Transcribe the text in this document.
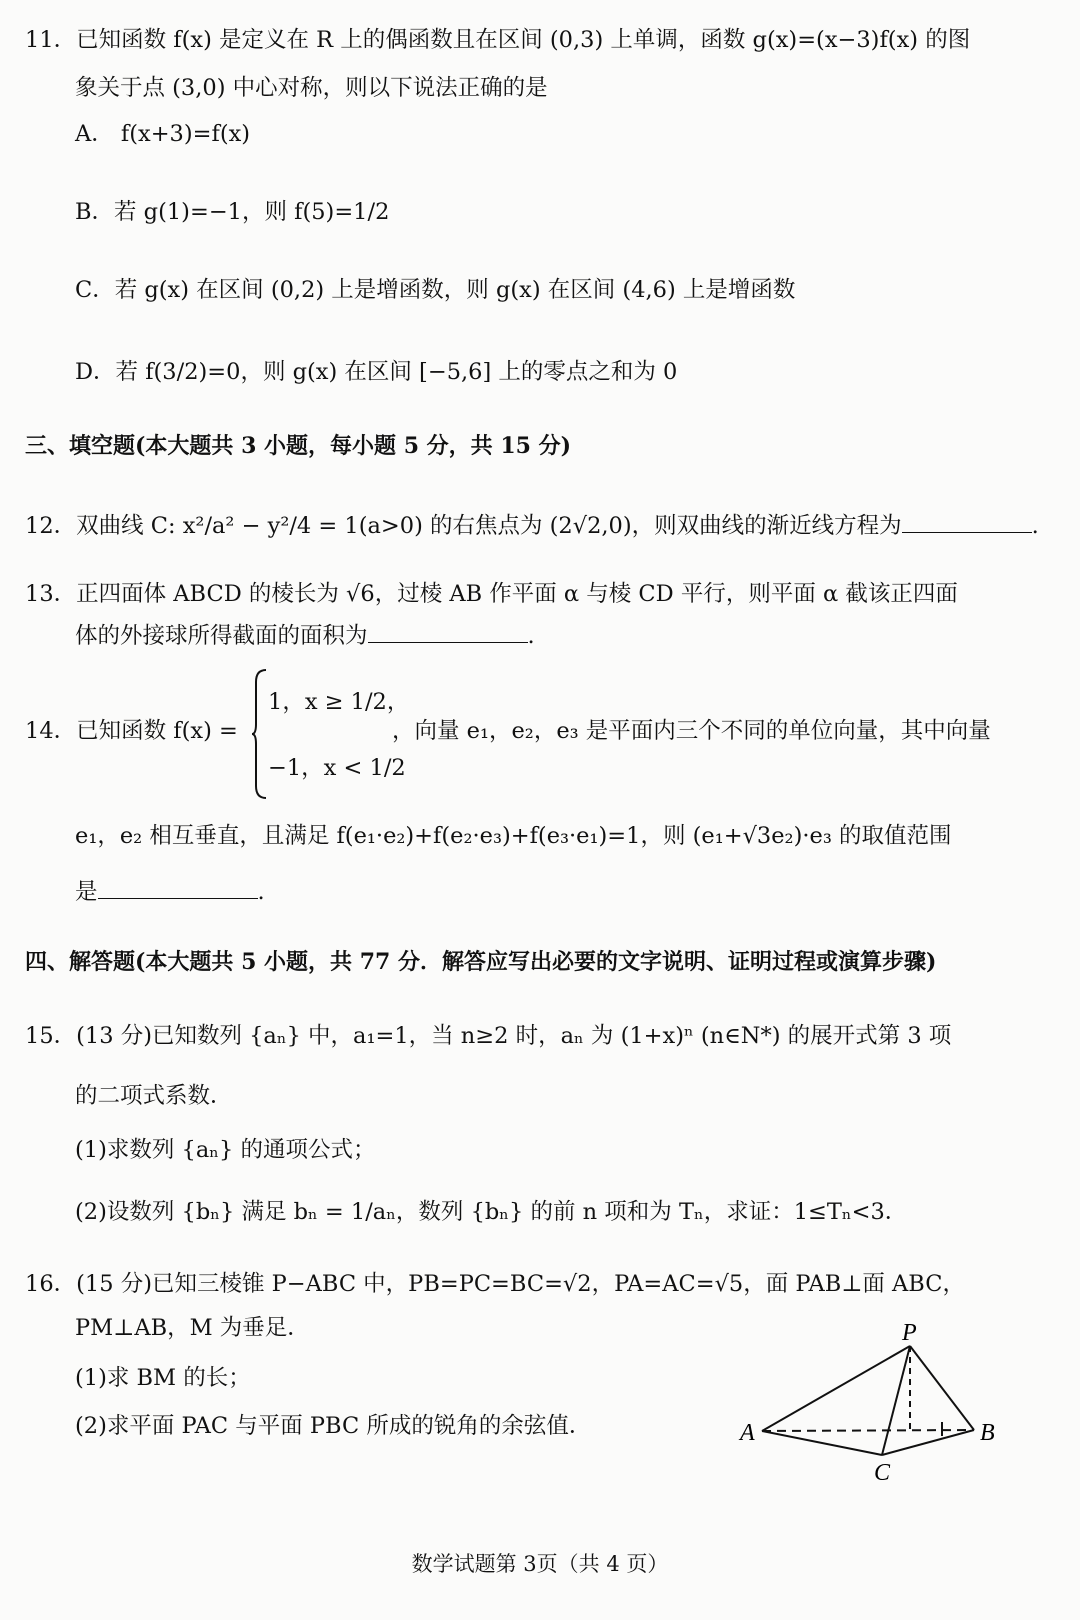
11．已知函数 f(x) 是定义在 R 上的偶函数且在区间 (0,3) 上单调，函数 g(x)=(x−3)f(x) 的图
象关于点 (3,0) 中心对称，则以下说法正确的是
A． f(x+3)=f(x)
B．若 g(1)=−1，则 f(5)=1/2
C．若 g(x) 在区间 (0,2) 上是增函数，则 g(x) 在区间 (4,6) 上是增函数
D．若 f(3/2)=0，则 g(x) 在区间 [−5,6] 上的零点之和为 0
三、填空题(本大题共 3 小题，每小题 5 分，共 15 分)
12．双曲线 C: x²/a² − y²/4 = 1(a>0) 的右焦点为 (2√2,0)，则双曲线的渐近线方程为	.
13．正四面体 ABCD 的棱长为 √6，过棱 AB 作平面 α 与棱 CD 平行，则平面 α 截该正四面
体的外接球所得截面的面积为	.
14．已知函数 f(x) =
1，x ≥ 1/2，
−1，x < 1/2
，向量 e₁，e₂，e₃ 是平面内三个不同的单位向量，其中向量
e₁，e₂ 相互垂直，且满足 f(e₁·e₂)+f(e₂·e₃)+f(e₃·e₁)=1，则 (e₁+√3e₂)·e₃ 的取值范围
是	.
四、解答题(本大题共 5 小题，共 77 分．解答应写出必要的文字说明、证明过程或演算步骤)
15．(13 分)已知数列 {aₙ} 中，a₁=1，当 n≥2 时，aₙ 为 (1+x)ⁿ (n∈N*) 的展开式第 3 项
的二项式系数．
(1)求数列 {aₙ} 的通项公式；
(2)设数列 {bₙ} 满足 bₙ = 1/aₙ，数列 {bₙ} 的前 n 项和为 Tₙ，求证：1≤Tₙ<3．
16．(15 分)已知三棱锥 P−ABC 中，PB=PC=BC=√2，PA=AC=√5，面 PAB⊥面 ABC，
PM⊥AB，M 为垂足．
(1)求 BM 的长；
(2)求平面 PAC 与平面 PBC 所成的锐角的余弦值．
P
A	B
C
数学试题第 3页（共 4 页）
